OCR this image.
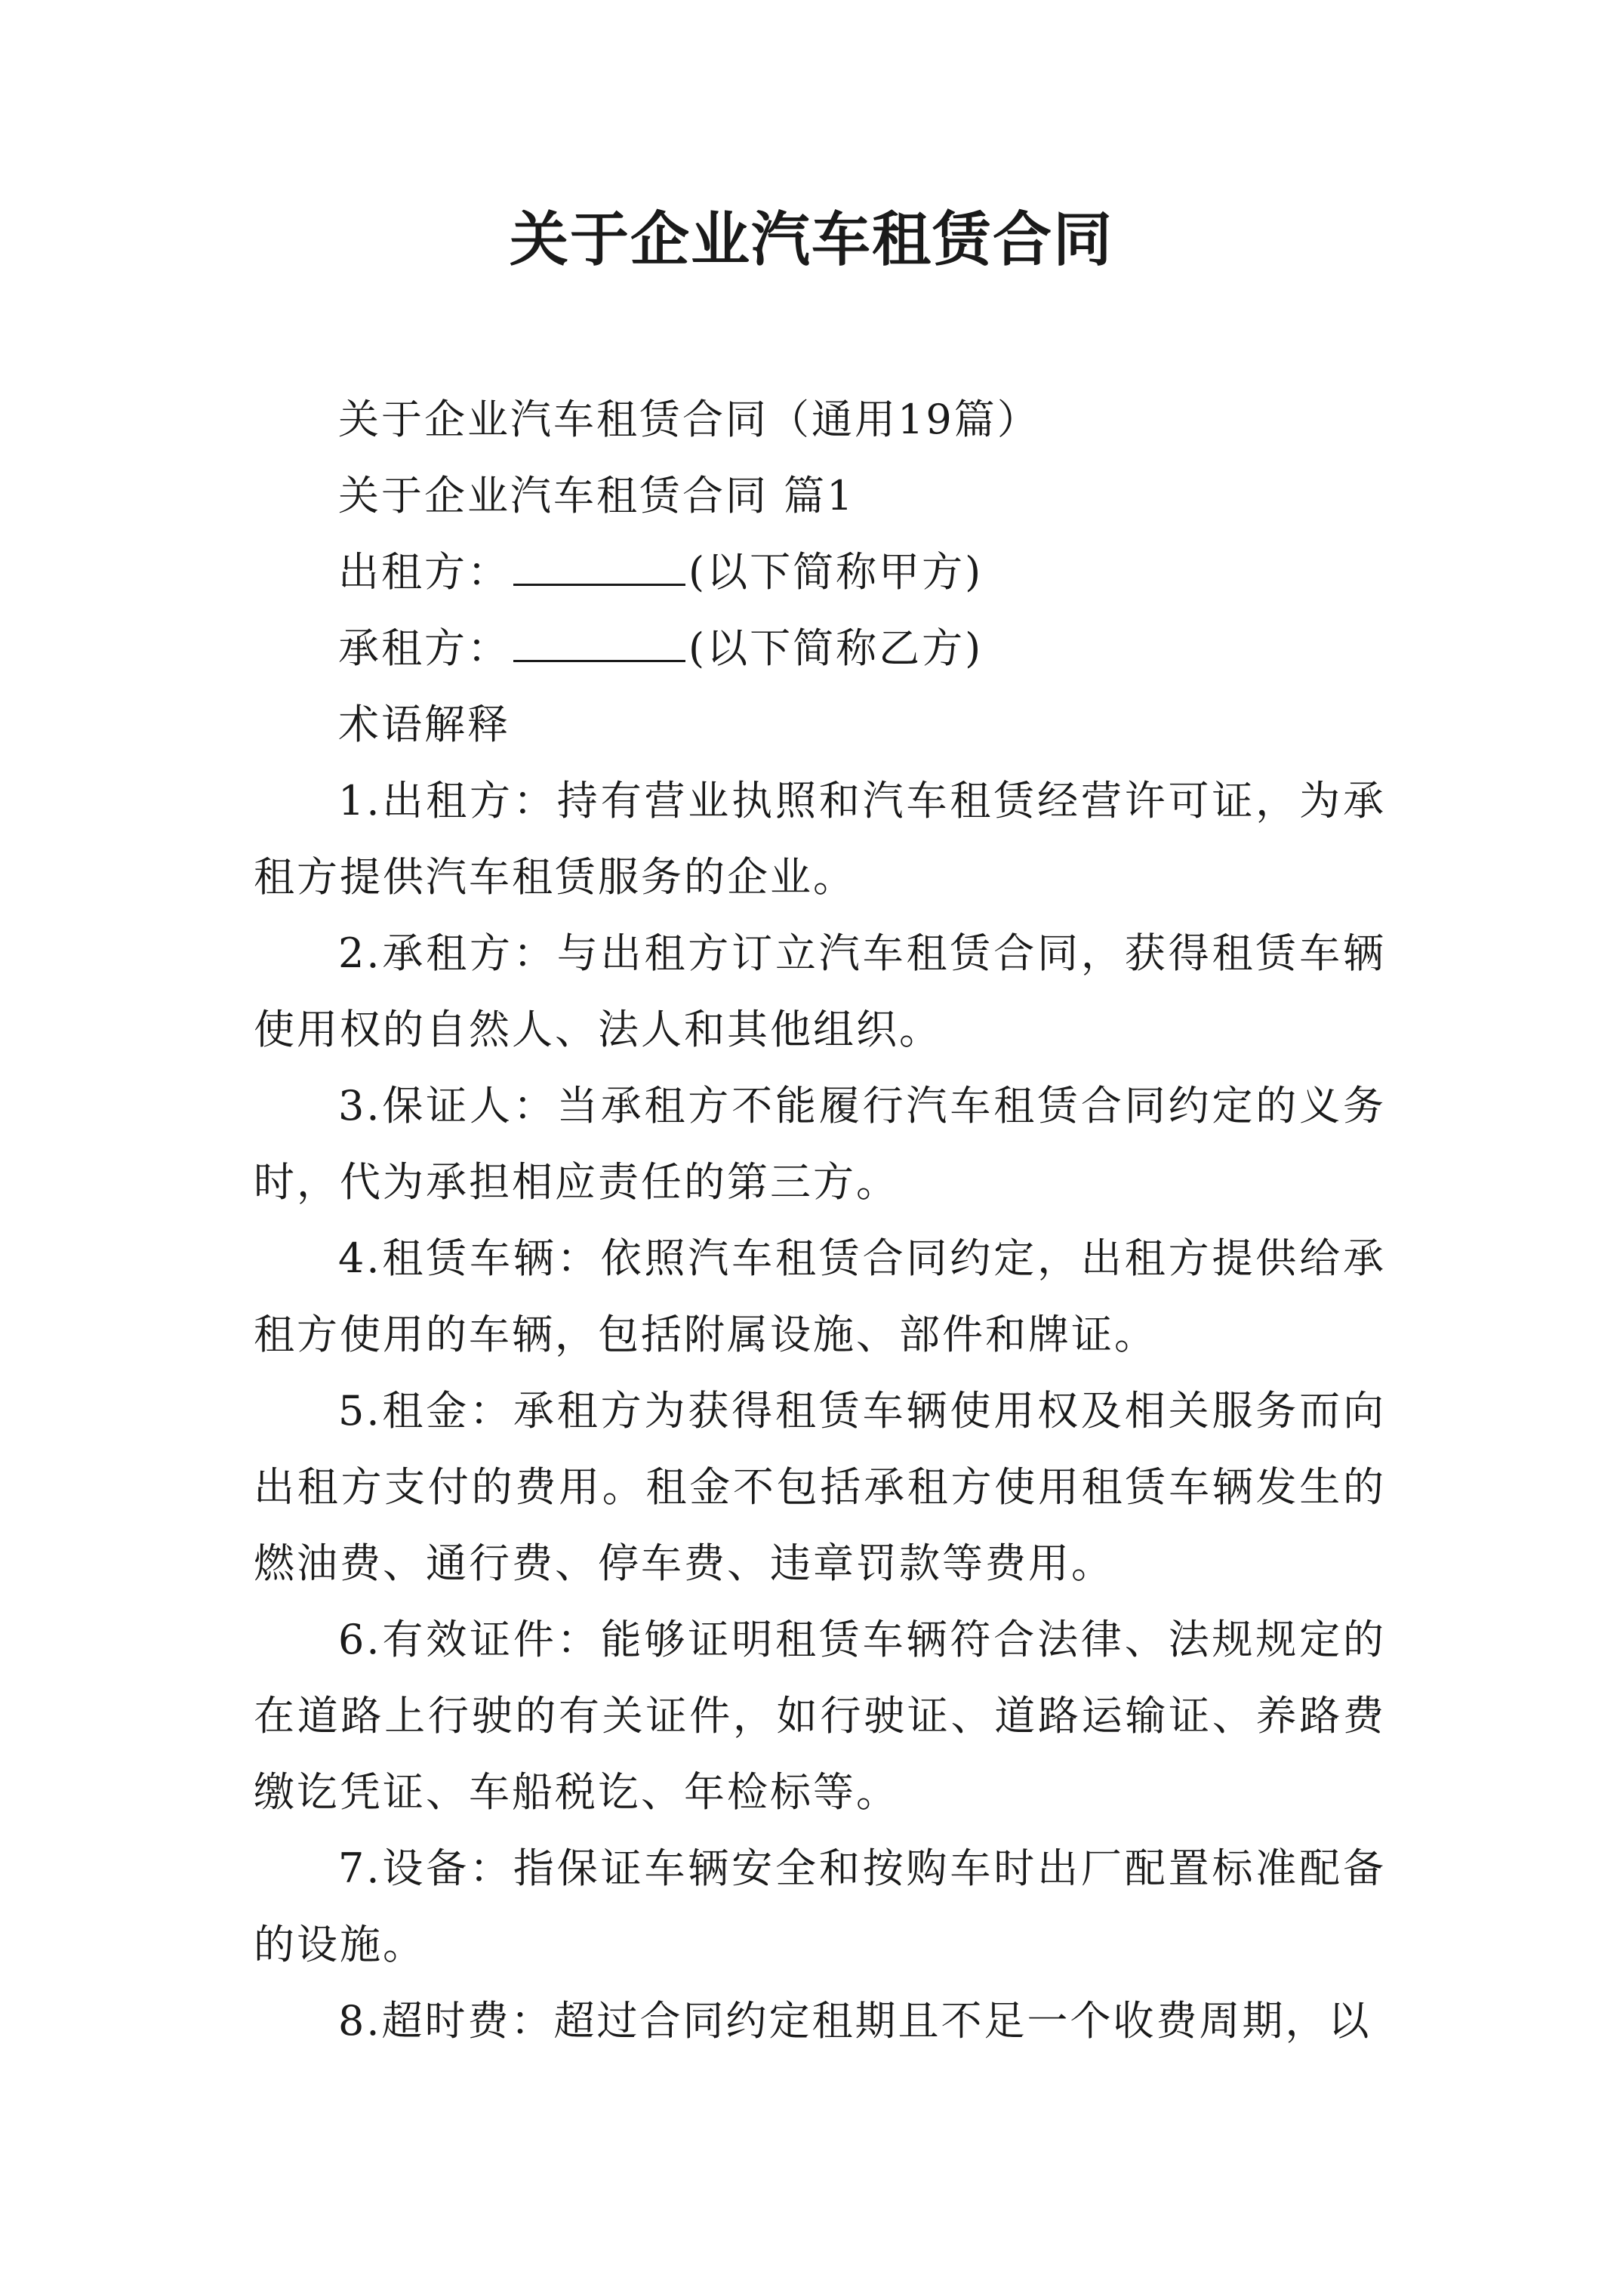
关于企业汽车租赁合同

关于企业汽车租赁合同（通用19篇）

关于企业汽车租赁合同 篇1

出租方：	(以下简称甲方)

承租方：	(以下简称乙方)

术语解释

1.出租方：持有营业执照和汽车租赁经营许可证，为承租方提供汽车租赁服务的企业。

2.承租方：与出租方订立汽车租赁合同，获得租赁车辆使用权的自然人、法人和其他组织。

3.保证人：当承租方不能履行汽车租赁合同约定的义务时，代为承担相应责任的第三方。

4.租赁车辆：依照汽车租赁合同约定，出租方提供给承租方使用的车辆，包括附属设施、部件和牌证。

5.租金：承租方为获得租赁车辆使用权及相关服务而向出租方支付的费用。租金不包括承租方使用租赁车辆发生的燃油费、通行费、停车费、违章罚款等费用。

6.有效证件：能够证明租赁车辆符合法律、法规规定的在道路上行驶的有关证件，如行驶证、道路运输证、养路费缴讫凭证、车船税讫、年检标等。

7.设备：指保证车辆安全和按购车时出厂配置标准配备的设施。

8.超时费：超过合同约定租期且不足一个收费周期，以
